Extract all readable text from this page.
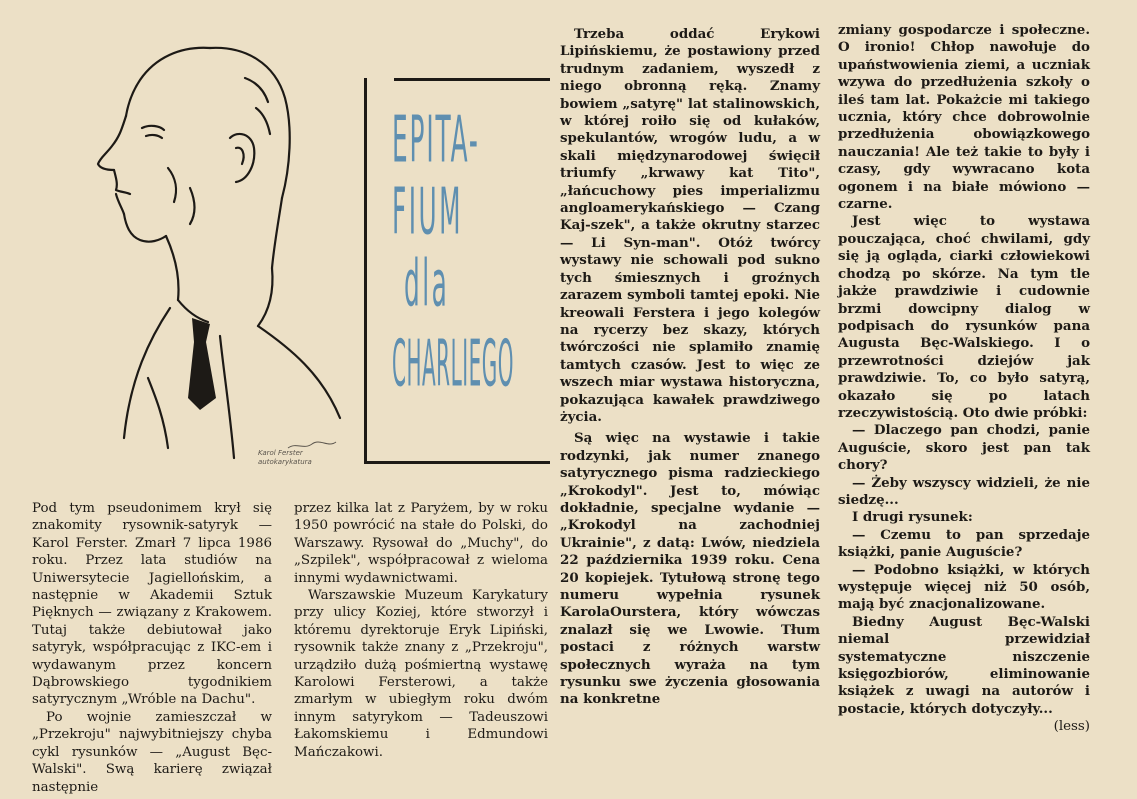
Karol Ferster
autokarykatura
EPITA-
FIUM
dla
CHARLIEGO

Pod tym pseudonimem krył się znakomity rysownik-satyryk — Karol Ferster. Zmarł 7 lipca 1986 roku. Przez lata studiów na Uniwersytecie Jagiellońskim, a następnie w Akademii Sztuk Pięknych — związany z Krakowem. Tutaj także debiutował jako satyryk, współpracując z IKC-em i wydawanym przez koncern Dąbrowskiego tygodnikiem satyrycznym „Wróble na Dachu".

Po wojnie zamieszczał w „Przekroju" najwybitniejszy chyba cykl rysunków — „August Bęc-Walski". Swą karierę związał następnie

przez kilka lat z Paryżem, by w roku 1950 powrócić na stałe do Polski, do Warszawy. Rysował do „Muchy", do „Szpilek", współpracował z wieloma innymi wydawnictwami.

Warszawskie Muzeum Karykatury przy ulicy Koziej, które stworzył i któremu dyrektoruje Eryk Lipiński, rysownik także znany z „Przekroju", urządziło dużą pośmiertną wystawę Karolowi Fersterowi, a także zmarłym w ubiegłym roku dwóm innym satyrykom — Tadeuszowi Łakomskiemu i Edmundowi Mańczakowi.

Trzeba oddać Erykowi Lipińskiemu, że postawiony przed trudnym zadaniem, wyszedł z niego obronną ręką. Znamy bowiem „satyrę" lat stalinowskich, w której roiło się od kułaków, spekulantów, wrogów ludu, a w skali międzynarodowej święcił triumfy „krwawy kat Tito", „łańcuchowy pies imperializmu angloamerykańskiego — Czang Kaj-szek", a także okrutny starzec — Li Syn-man". Otóż twórcy wystawy nie schowali pod sukno tych śmiesznych i groźnych zarazem symboli tamtej epoki. Nie kreowali Ferstera i jego kolegów na rycerzy bez skazy, których twórczości nie splamiło znamię tamtych czasów. Jest to więc ze wszech miar wystawa historyczna, pokazująca kawałek prawdziwego życia.

Są więc na wystawie i takie rodzynki, jak numer znanego satyrycznego pisma radzieckiego „Krokodyl". Jest to, mówiąc dokładnie, specjalne wydanie — „Krokodyl na zachodniej Ukrainie", z datą: Lwów, niedziela 22 października 1939 roku. Cena 20 kopiejek. Tytułową stronę tego numeru wypełnia rysunek KarolaOurstera, który wówczas znalazł się we Lwowie. Tłum postaci z różnych warstw społecznych wyraża na tym rysunku swe życzenia głosowania na konkretne

zmiany gospodarcze i społeczne. O ironio! Chłop nawołuje do upaństwowienia ziemi, a uczniak wzywa do przedłużenia szkoły o ileś tam lat. Pokażcie mi takiego ucznia, który chce dobrowolnie przedłużenia obowiązkowego nauczania! Ale też takie to były i czasy, gdy wywracano kota ogonem i na białe mówiono — czarne.

Jest więc to wystawa pouczająca, choć chwilami, gdy się ją ogląda, ciarki człowiekowi chodzą po skórze. Na tym tle jakże prawdziwie i cudownie brzmi dowcipny dialog w podpisach do rysunków pana Augusta Bęc-Walskiego. I o przewrotności dziejów jak prawdziwie. To, co było satyrą, okazało się po latach rzeczywistością. Oto dwie próbki:

— Dlaczego pan chodzi, panie Auguście, skoro jest pan tak chory?

— Żeby wszyscy widzieli, że nie siedzę...

I drugi rysunek:

— Czemu to pan sprzedaje książki, panie Auguście?

— Podobno książki, w których występuje więcej niż 50 osób, mają być znacjonalizowane.

Biedny August Bęc-Walski niemal przewidział systematyczne niszczenie księgozbiorów, eliminowanie książek z uwagi na autorów i postacie, których dotyczyły...
(less)
